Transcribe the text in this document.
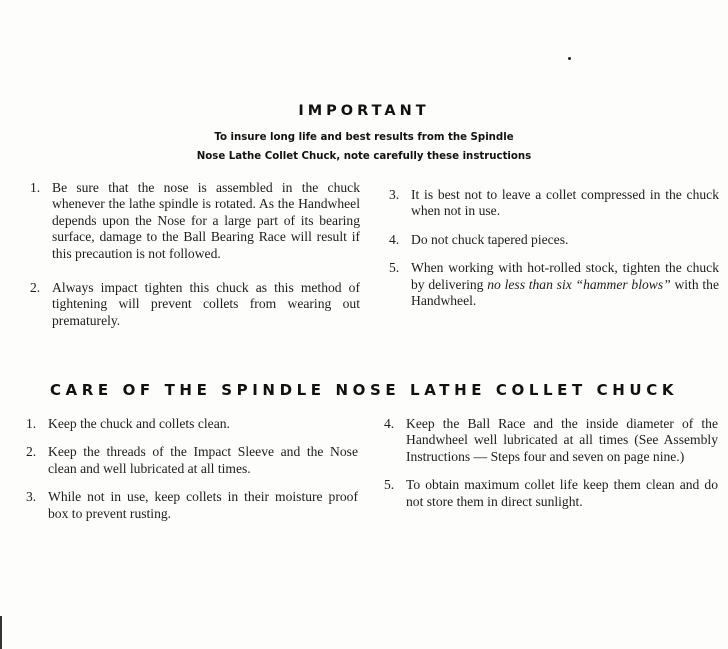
IMPORTANT
To insure long life and best results from the Spindle
Nose Lathe Collet Chuck, note carefully these instructions
1. Be sure that the nose is assembled in the chuck whenever the lathe spindle is rotated. As the Handwheel depends upon the Nose for a large part of its bearing surface, damage to the Ball Bearing Race will result if this precaution is not followed.
2. Always impact tighten this chuck as this method of tightening will prevent collets from wearing out prematurely.
3. It is best not to leave a collet compressed in the chuck when not in use.
4. Do not chuck tapered pieces.
5. When working with hot-rolled stock, tighten the chuck by delivering no less than six “hammer blows” with the Handwheel.
CARE OF THE SPINDLE NOSE LATHE COLLET CHUCK
1. Keep the chuck and collets clean.
2. Keep the threads of the Impact Sleeve and the Nose clean and well lubricated at all times.
3. While not in use, keep collets in their moisture proof box to prevent rusting.
4. Keep the Ball Race and the inside diameter of the Handwheel well lubricated at all times (See Assembly Instructions — Steps four and seven on page nine.)
5. To obtain maximum collet life keep them clean and do not store them in direct sunlight.
